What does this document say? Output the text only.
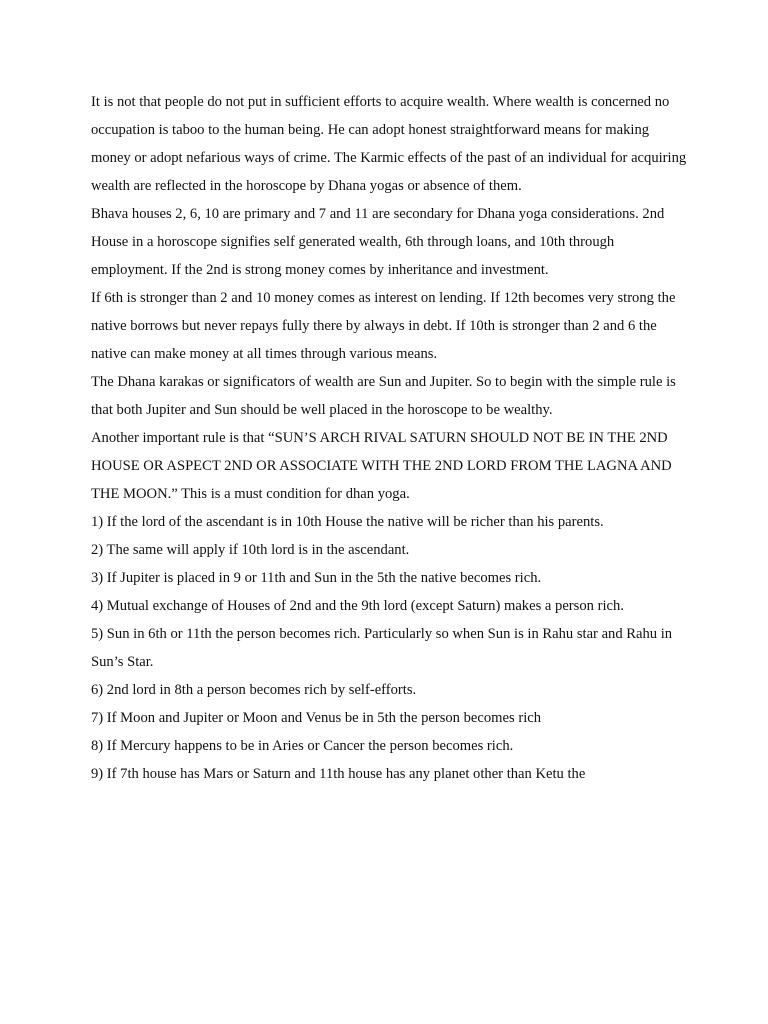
It is not that people do not put in sufficient efforts to acquire wealth. Where wealth is concerned no occupation is taboo to the human being. He can adopt honest straightforward means for making money or adopt nefarious ways of crime. The Karmic effects of the past of an individual for acquiring wealth are reflected in the horoscope by Dhana yogas or absence of them.

Bhava houses 2, 6, 10 are primary and 7 and 11 are secondary for Dhana yoga considerations. 2nd House in a horoscope signifies self generated wealth, 6th through loans, and 10th through employment. If the 2nd is strong money comes by inheritance and investment.

If 6th is stronger than 2 and 10 money comes as interest on lending. If 12th becomes very strong the native borrows but never repays fully there by always in debt. If 10th is stronger than 2 and 6 the native can make money at all times through various means.

The Dhana karakas or significators of wealth are Sun and Jupiter. So to begin with the simple rule is that both Jupiter and Sun should be well placed in the horoscope to be wealthy.

Another important rule is that “SUN’S ARCH RIVAL SATURN SHOULD NOT BE IN THE 2ND HOUSE OR ASPECT 2ND OR ASSOCIATE WITH THE 2ND LORD FROM THE LAGNA AND THE MOON.” This is a must condition for dhan yoga.

1) If the lord of the ascendant is in 10th House the native will be richer than his parents.

2) The same will apply if 10th lord is in the ascendant.

3) If Jupiter is placed in 9 or 11th and Sun in the 5th the native becomes rich.

4) Mutual exchange of Houses of 2nd and the 9th lord (except Saturn) makes a person rich.

5) Sun in 6th or 11th the person becomes rich. Particularly so when Sun is in Rahu star and Rahu in Sun’s Star.

6) 2nd lord in 8th a person becomes rich by self-efforts.

7) If Moon and Jupiter or Moon and Venus be in 5th the person becomes rich

8) If Mercury happens to be in Aries or Cancer the person becomes rich.

9) If 7th house has Mars or Saturn and 11th house has any planet other than Ketu the
